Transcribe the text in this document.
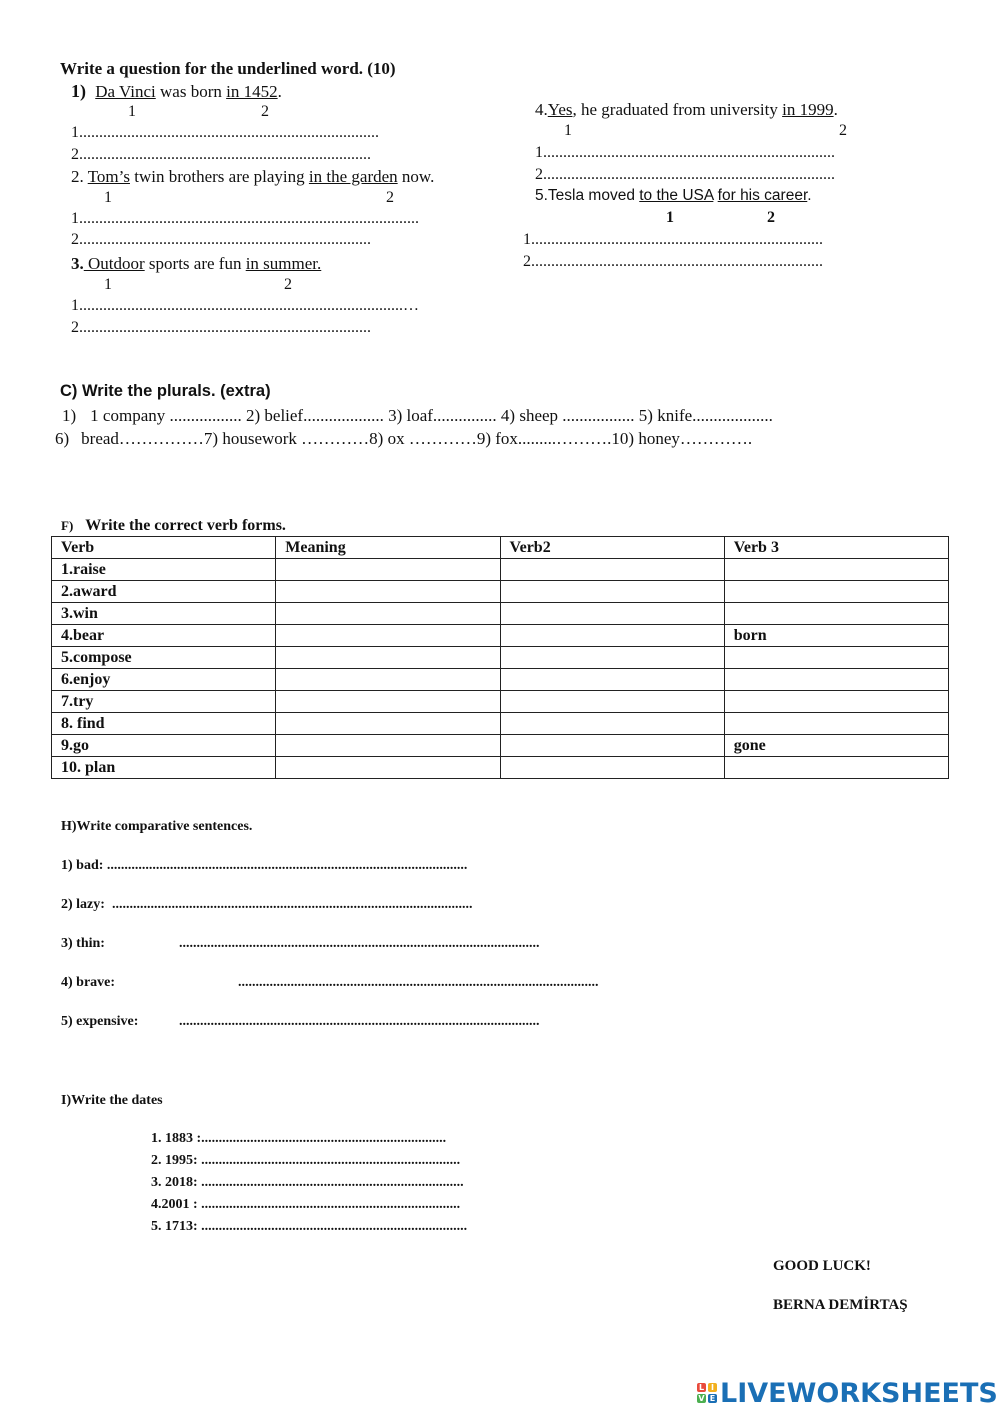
Write a question for the underlined word. (10)
1) Da Vinci was born in 1452.
1	2
1...........................................................................
2.........................................................................
2. Tom’s twin brothers are playing in the garden now.
1	2
1.....................................................................................
2.........................................................................
3. Outdoor sports are fun in summer.
1	2
1.................................................................................…
2.........................................................................
4.Yes, he graduated from university in 1999.
1	2
1.........................................................................
2.........................................................................
5.Tesla moved to the USA for his career.
1	2
1.........................................................................
2.........................................................................
C) Write the plurals. (extra)
1) 1 company ................. 2) belief................... 3) loaf............... 4) sheep ................. 5) knife...................
6) bread……………7) housework …………8) ox …………9) fox.........……….10) honey………….
F) Write the correct verb forms.
Verb	Meaning	Verb2	Verb 3
1.raise			
2.award			
3.win			
4.bear			born
5.compose			
6.enjoy			
7.try			
8. find			
9.go			gone
10. plan			
H)Write comparative sentences.
1) bad: .......................................................................................................
2) lazy: .......................................................................................................
3) thin:	.......................................................................................................
4) brave:	.......................................................................................................
5) expensive:	.......................................................................................................
I)Write the dates
1. 1883 :......................................................................
2. 1995: ..........................................................................
3. 2018: ...........................................................................
4.2001 : ..........................................................................
5. 1713: ............................................................................
GOOD LUCK!
BERNA DEMİRTAŞ
L I
V E LIVEWORKSHEETS
